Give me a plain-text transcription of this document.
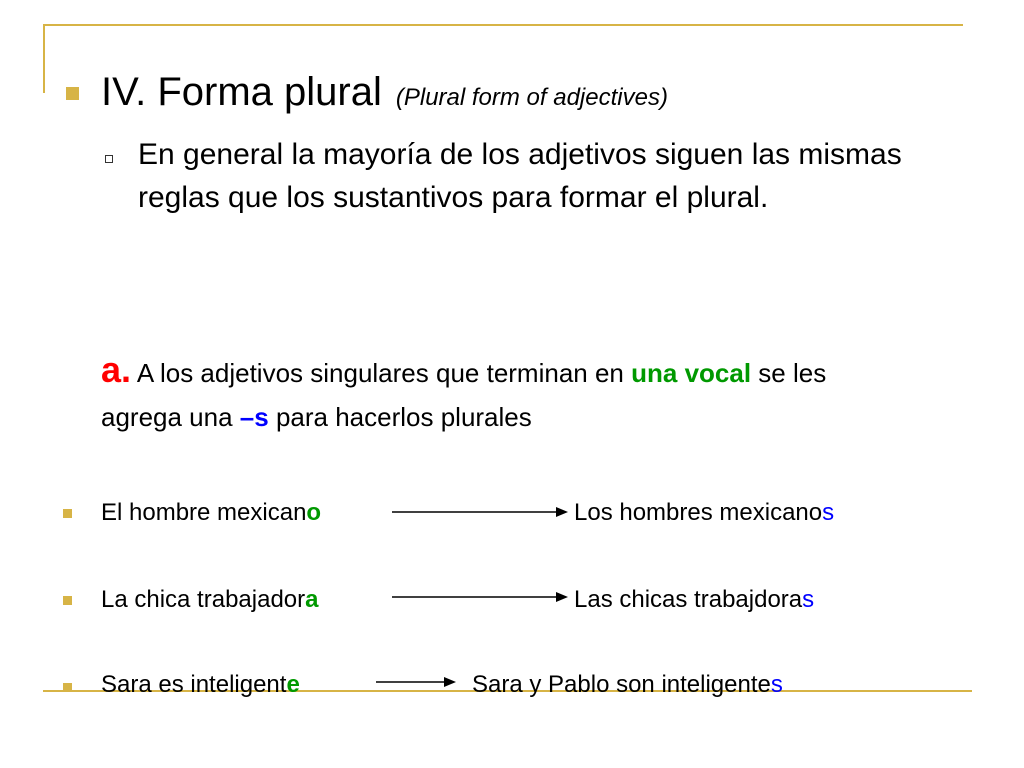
IV. Forma plural (Plural form of adjectives)
En general la mayoría de los adjetivos siguen las mismas reglas que los sustantivos para formar el plural.
a. A los adjetivos singulares que terminan en una vocal se les agrega una –s para hacerlos plurales
El hombre mexicano	Los hombres mexicanos
La chica trabajadora	Las chicas trabajdoras
Sara es inteligente	Sara y Pablo son inteligentes
